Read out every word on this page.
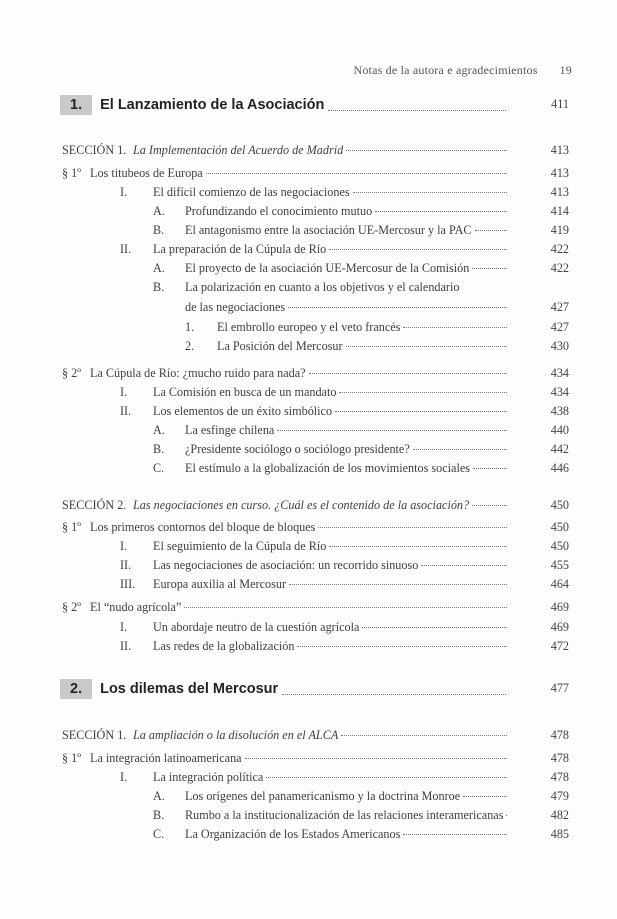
Notas de la autora e agradecimientos 19
1.	El Lanzamiento de la Asociación	411
SECCIÓN 1. La Implementación del Acuerdo de Madrid	413
§ 1º Los titubeos de Europa	413
I. El difícil comienzo de las negociaciones	413
A. Profundizando el conocimiento mutuo	414
B. El antagonismo entre la asociación UE-Mercosur y la PAC	419
II. La preparación de la Cúpula de Río	422
A. El proyecto de la asociación UE-Mercosur de la Comisión	422
B. La polarización en cuanto a los objetivos y el calendario
de las negociaciones	427
1. El embrollo europeo y el veto francés	427
2. La Posición del Mercosur	430
§ 2º La Cúpula de Río: ¿mucho ruido para nada?	434
I. La Comisión en busca de un mandato	434
II. Los elementos de un éxito simbólico	438
A. La esfinge chilena	440
B. ¿Presidente sociólogo o sociólogo presidente?	442
C. El estímulo a la globalización de los movimientos sociales	446
SECCIÓN 2. Las negociaciones en curso. ¿Cuál es el contenido de la asociación?	450
§ 1º Los primeros contornos del bloque de bloques	450
I. El seguimiento de la Cúpula de Río	450
II. Las negociaciones de asociación: un recorrido sinuoso	455
III. Europa auxilia al Mercosur	464
§ 2º El “nudo agrícola”	469
I. Un abordaje neutro de la cuestión agrícola	469
II. Las redes de la globalización	472
2.	Los dilemas del Mercosur	477
SECCIÓN 1. La ampliación o la disolución en el ALCA	478
§ 1º La integración latinoamericana	478
I. La integración política	478
A. Los orígenes del panamericanismo y la doctrina Monroe	479
B. Rumbo a la institucionalización de las relaciones interamericanas	482
C. La Organización de los Estados Americanos	485
